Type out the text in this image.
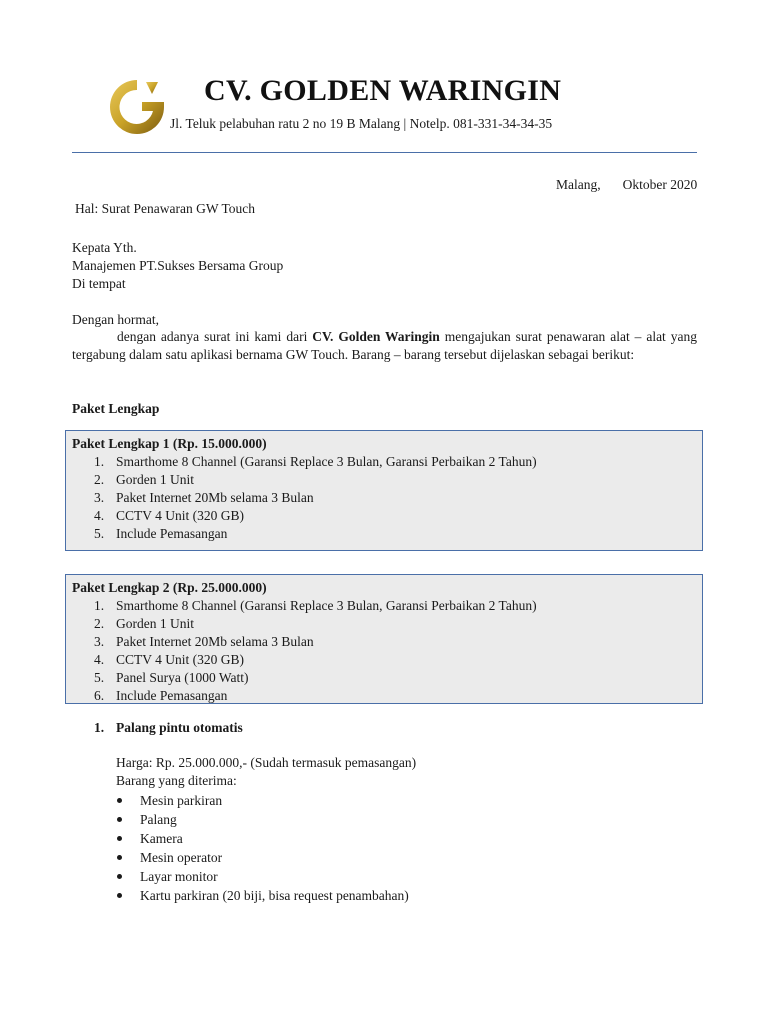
CV. GOLDEN WARINGIN
Jl. Teluk pelabuhan ratu 2 no 19 B Malang | Notelp. 081-331-34-34-35
Malang, Oktober 2020
Hal: Surat Penawaran GW Touch
Kepata Yth.
Manajemen PT.Sukses Bersama Group
Di tempat
Dengan hormat,
dengan adanya surat ini kami dari CV. Golden Waringin mengajukan surat penawaran alat – alat yang tergabung dalam satu aplikasi bernama GW Touch. Barang – barang tersebut dijelaskan sebagai berikut:
Paket Lengkap
Paket Lengkap 1 (Rp. 15.000.000)
1. Smarthome 8 Channel (Garansi Replace 3 Bulan, Garansi Perbaikan 2 Tahun)
2. Gorden 1 Unit
3. Paket Internet 20Mb selama 3 Bulan
4. CCTV 4 Unit (320 GB)
5. Include Pemasangan
Paket Lengkap 2 (Rp. 25.000.000)
1. Smarthome 8 Channel (Garansi Replace 3 Bulan, Garansi Perbaikan 2 Tahun)
2. Gorden 1 Unit
3. Paket Internet 20Mb selama 3 Bulan
4. CCTV 4 Unit (320 GB)
5. Panel Surya (1000 Watt)
6. Include Pemasangan
1. Palang pintu otomatis
Harga: Rp. 25.000.000,- (Sudah termasuk pemasangan)
Barang yang diterima:
Mesin parkiran
Palang
Kamera
Mesin operator
Layar monitor
Kartu parkiran (20 biji, bisa request penambahan)
